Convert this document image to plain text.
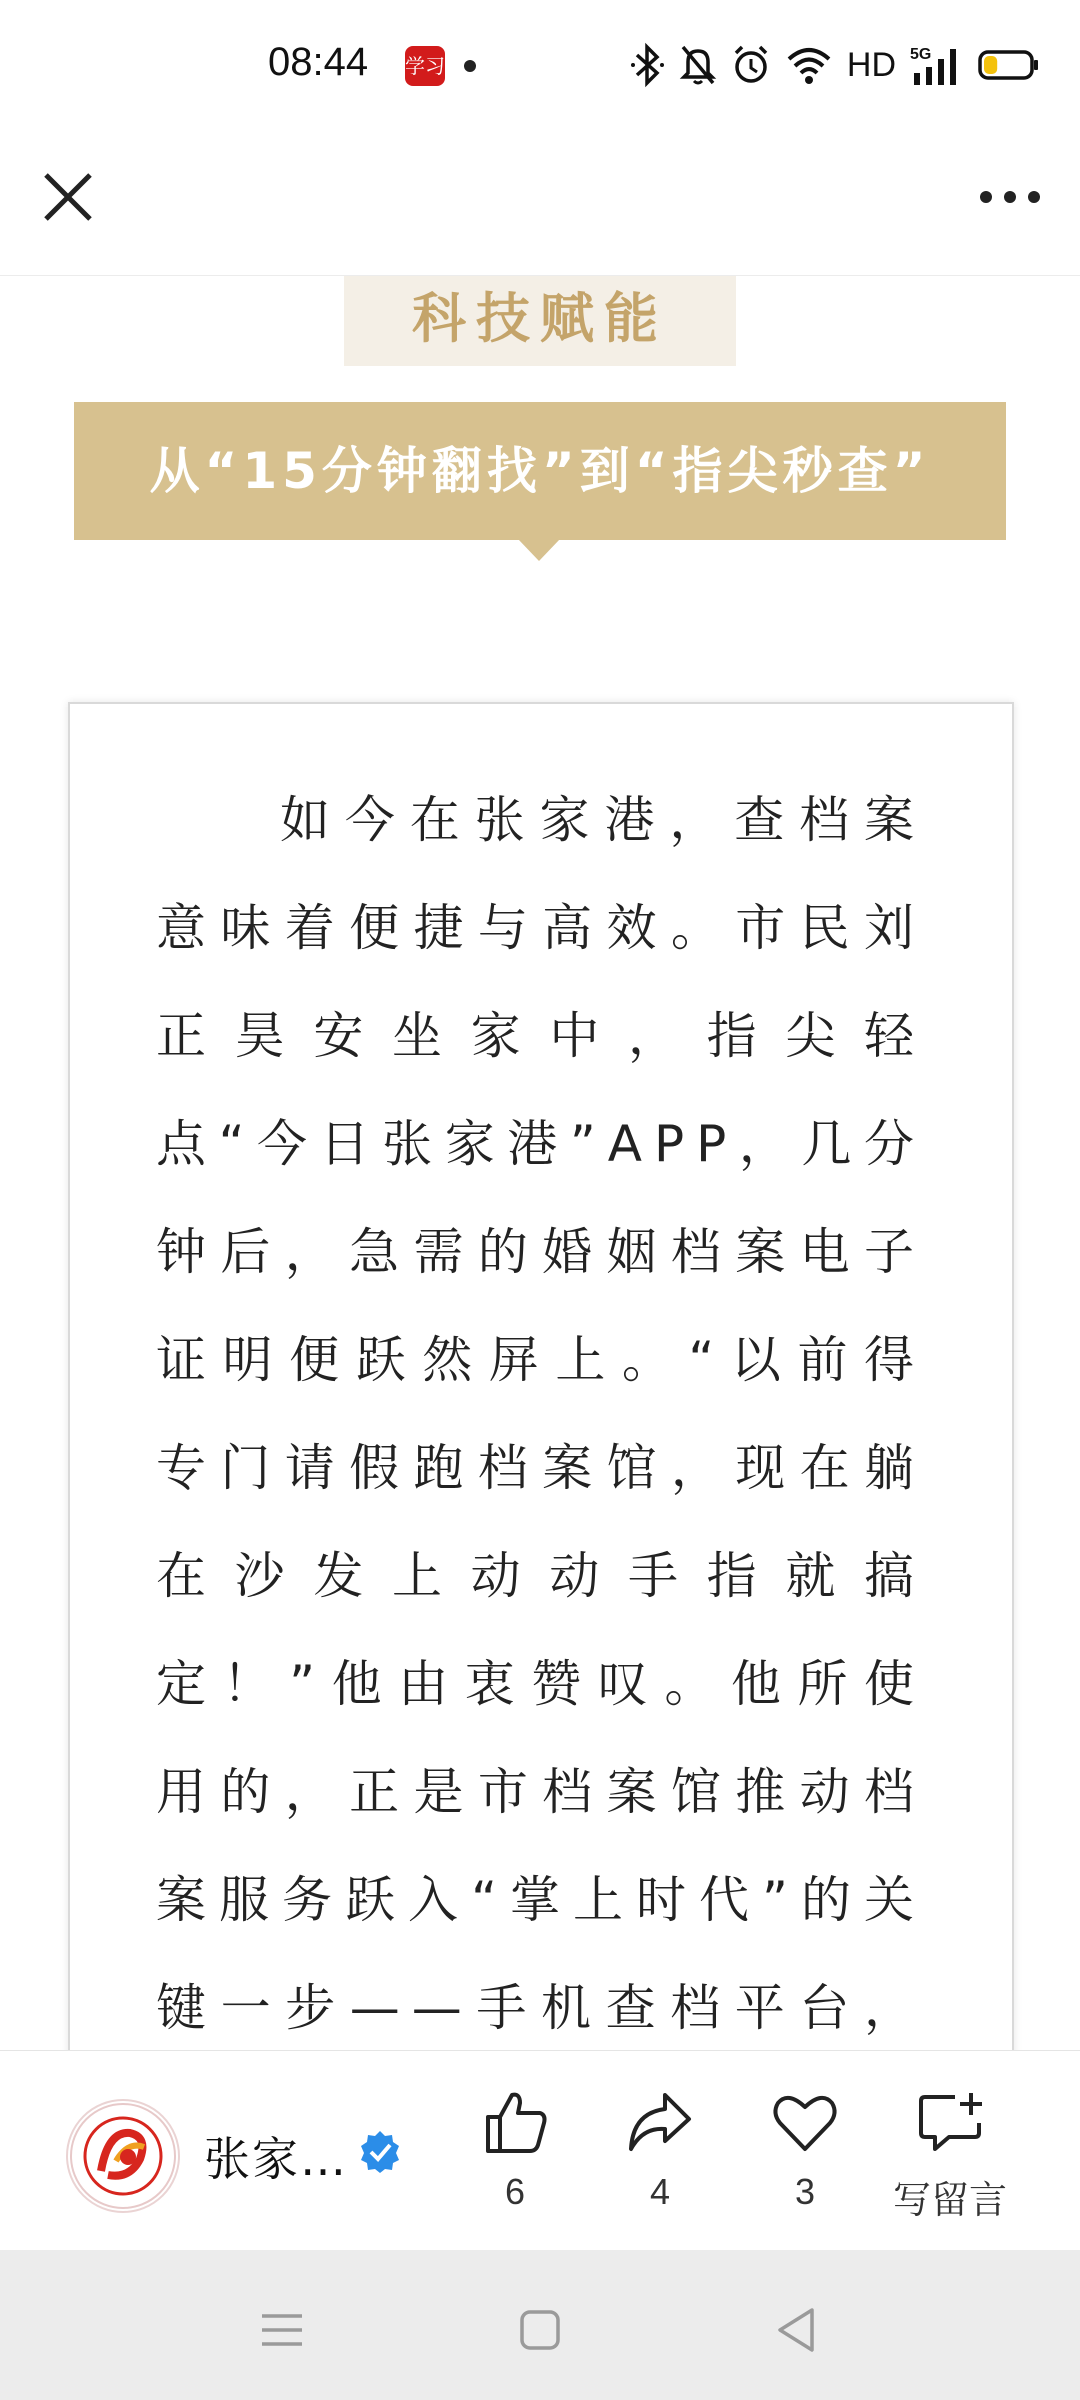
08:44 学习	HD 5G
科技赋能
从“15分钟翻找”到“指尖秒查”

如今在张家港，查档案意味着便捷与高效。市民刘正昊安坐家中，指尖轻点“今日张家港”APP，几分钟后，急需的婚姻档案电子证明便跃然屏上。“以前得专门请假跑档案馆，现在躺在沙发上动动手指就搞定！”他由衷赞叹。他所使用的，正是市档案馆推动档案服务跃入“掌上时代”的关键一步——手机查档平台，

张家…
6	4	3	写留言
